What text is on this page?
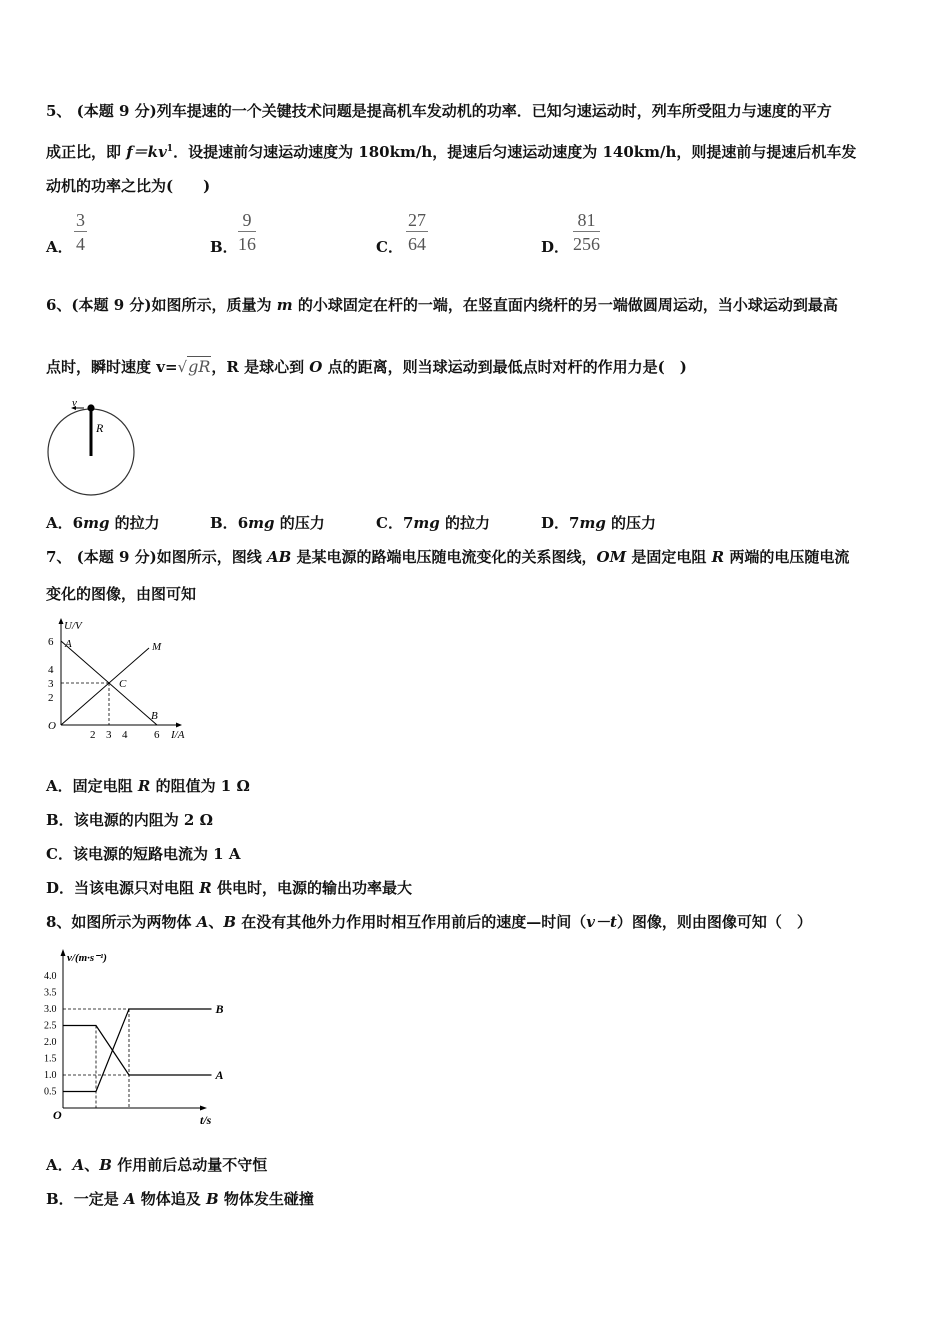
5、 (本题 9 分)列车提速的一个关键技术问题是提高机车发动机的功率．已知匀速运动时，列车所受阻力与速度的平方
成正比，即 $f=kv^1$．设提速前匀速运动速度为 180km/h，提速后匀速运动速度为 140km/h，则提速前与提速后机车发
动机的功率之比为(　　)
A． $\frac{3}{4}$	B． $\frac{9}{16}$	C． $\frac{27}{64}$	D． $\frac{81}{256}$
6、(本题 9 分)如图所示，质量为 m 的小球固定在杆的一端，在竖直面内绕杆的另一端做圆周运动，当小球运动到最高
点时，瞬时速度 v=√gR，R 是球心到 O 点的距离，则当球运动到最低点时对杆的作用力是(　)
v
R
A．6mg 的拉力	B．6mg 的压力	C．7mg 的拉力	D．7mg 的压力
7、 (本题 9 分)如图所示，图线 AB 是某电源的路端电压随电流变化的关系图线，OM 是固定电阻 R 两端的电压随电流
变化的图像，由图可知
U/V
I/A
O
6
4
3
2
2 3 4 6
A
B
M
C
A．固定电阻 R 的阻值为 1 Ω
B．该电源的内阻为 2 Ω
C．该电源的短路电流为 1 A
D．当该电源只对电阻 R 供电时，电源的输出功率最大
8、如图所示为两物体 A、B 在没有其他外力作用时相互作用前后的速度—时间（v－t）图像，则由图像可知（　）
v/(m·s⁻¹)
t/s
O
4.0
3.5
3.0
2.5
2.0
1.5
1.0
0.5
A
B
A．A、B 作用前后总动量不守恒
B．一定是 A 物体追及 B 物体发生碰撞
